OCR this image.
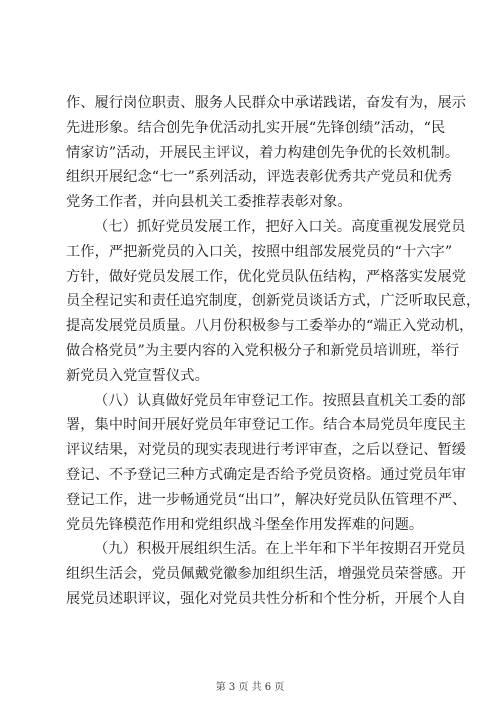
作、履行岗位职责、服务人民群众中承诺践诺，奋发有为，展示
先进形象。结合创先争优活动扎实开展“先锋创绩”活动，“民
情家访”活动，开展民主评议，着力构建创先争优的长效机制。
组织开展纪念“七一”系列活动，评选表彰优秀共产党员和优秀
党务工作者，并向县机关工委推荐表彰对象。
（七）抓好党员发展工作，把好入口关。高度重视发展党员
工作，严把新党员的入口关，按照中组部发展党员的“十六字”
方针，做好党员发展工作，优化党员队伍结构，严格落实发展党
员全程记实和责任追究制度，创新党员谈话方式，广泛听取民意，
提高发展党员质量。八月份积极参与工委举办的“端正入党动机，
做合格党员”为主要内容的入党积极分子和新党员培训班，举行
新党员入党宣誓仪式。
（八）认真做好党员年审登记工作。按照县直机关工委的部
署，集中时间开展好党员年审登记工作。结合本局党员年度民主
评议结果，对党员的现实表现进行考评审查，之后以登记、暂缓
登记、不予登记三种方式确定是否给予党员资格。通过党员年审
登记工作，进一步畅通党员“出口”，解决好党员队伍管理不严、
党员先锋模范作用和党组织战斗堡垒作用发挥难的问题。
（九）积极开展组织生活。在上半年和下半年按期召开党员
组织生活会，党员佩戴党徽参加组织生活，增强党员荣誉感。开
展党员述职评议，强化对党员共性分析和个性分析，开展个人自
第 3 页 共 6 页
